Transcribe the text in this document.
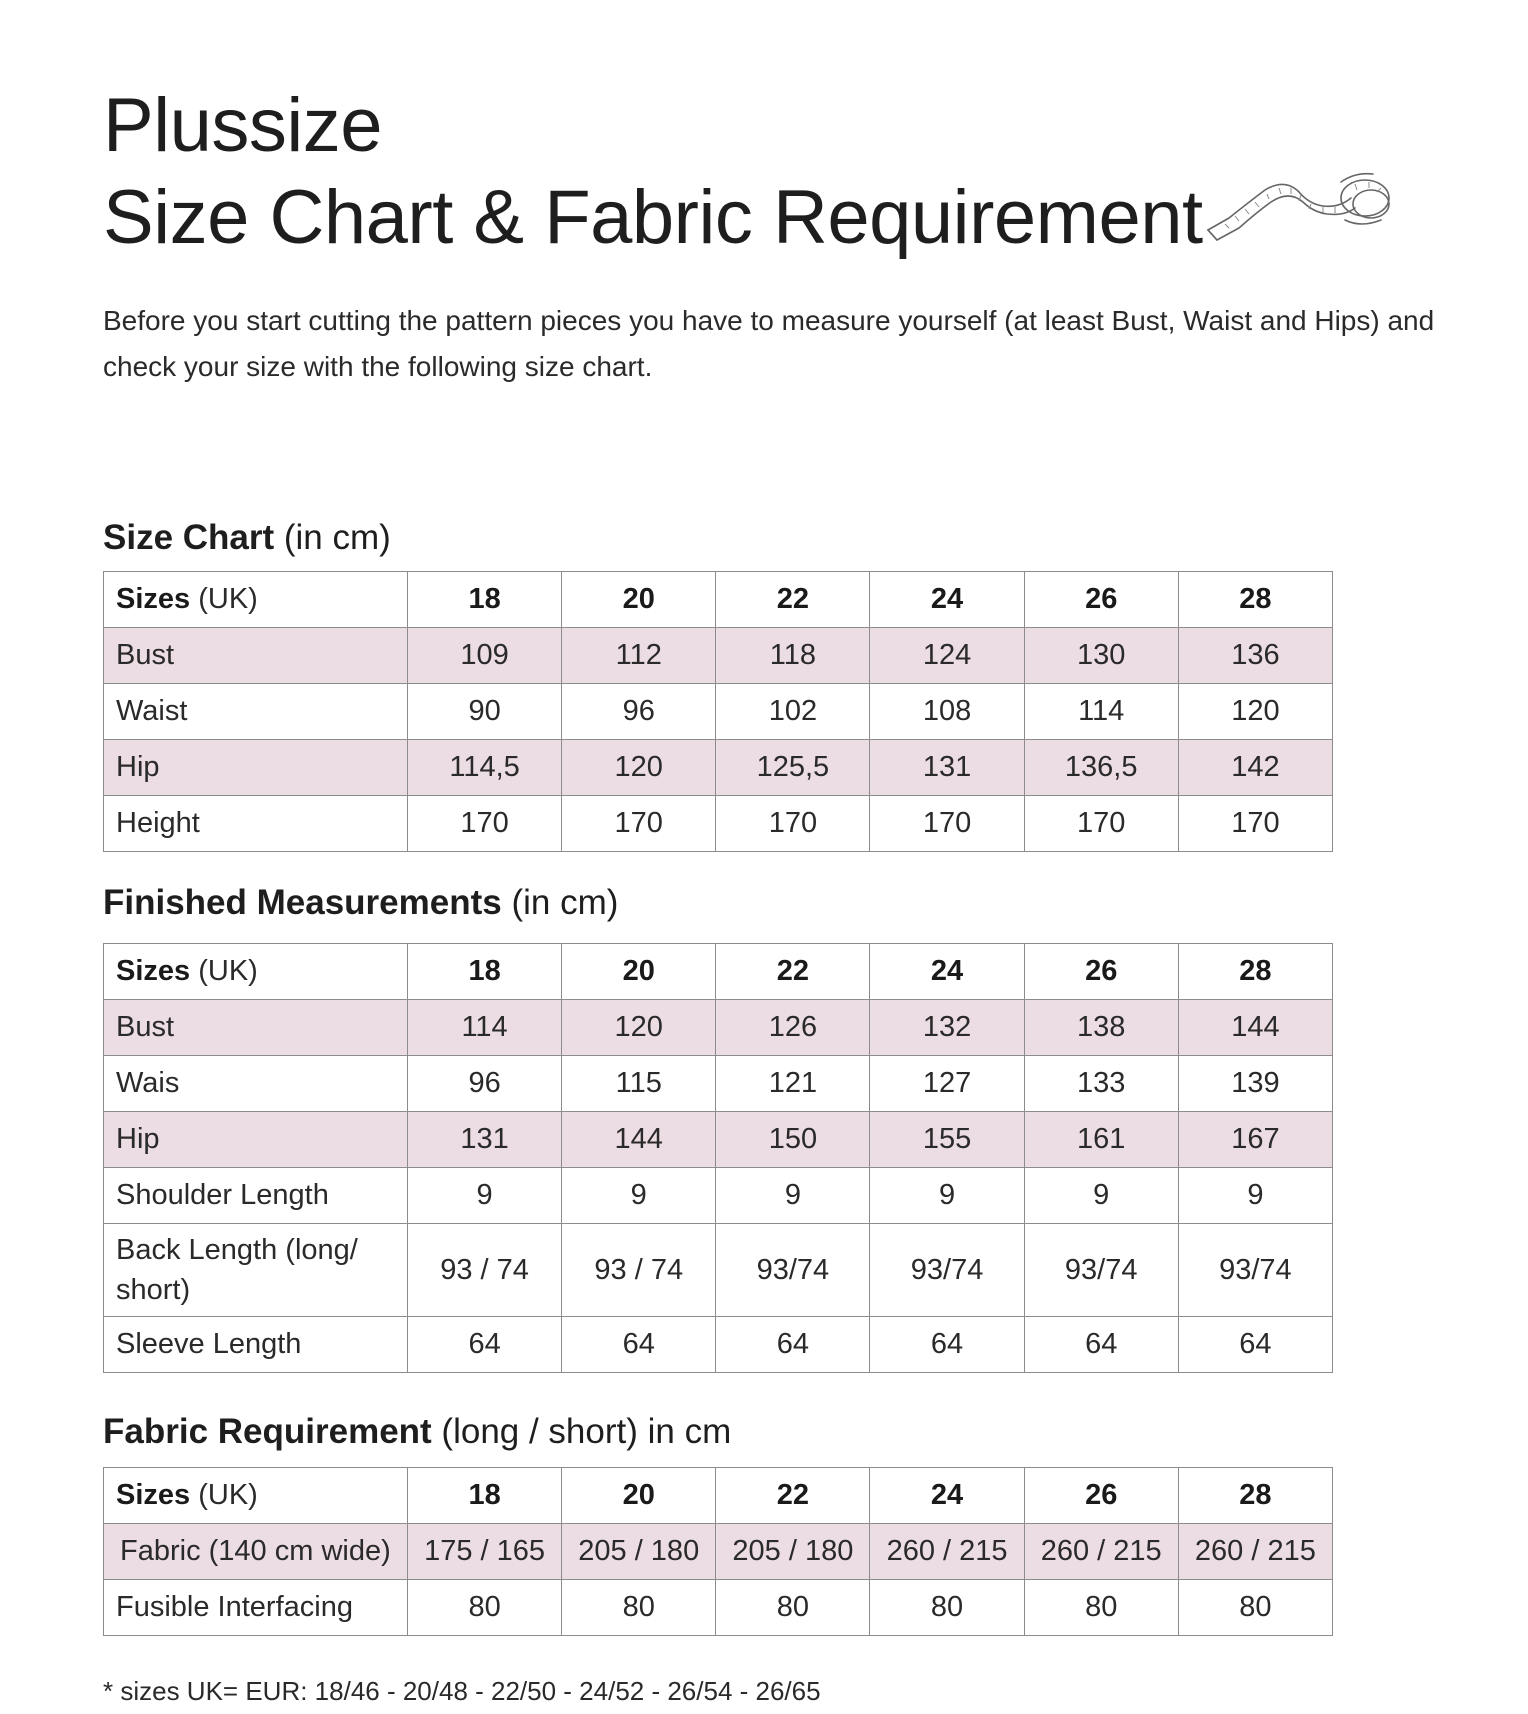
Plussize
Size Chart & Fabric Requirement

Before you start cutting the pattern pieces you have to measure yourself (at least Bust, Waist and Hips) and check your size with the following size chart.

Size Chart (in cm)
Sizes (UK)	18	20	22	24	26	28
Bust	109	112	118	124	130	136
Waist	90	96	102	108	114	120
Hip	114,5	120	125,5	131	136,5	142
Height	170	170	170	170	170	170
Finished Measurements (in cm)
Sizes (UK)	18	20	22	24	26	28
Bust	114	120	126	132	138	144
Wais	96	115	121	127	133	139
Hip	131	144	150	155	161	167
Shoulder Length	9	9	9	9	9	9
Back Length (long/ short)	93 / 74	93 / 74	93/74	93/74	93/74	93/74
Sleeve Length	64	64	64	64	64	64
Fabric Requirement (long / short) in cm
Sizes (UK)	18	20	22	24	26	28
Fabric (140 cm wide)	175 / 165	205 / 180	205 / 180	260 / 215	260 / 215	260 / 215
Fusible Interfacing	80	80	80	80	80	80

* sizes UK= EUR: 18/46 - 20/48 - 22/50 - 24/52 - 26/54 - 26/65
